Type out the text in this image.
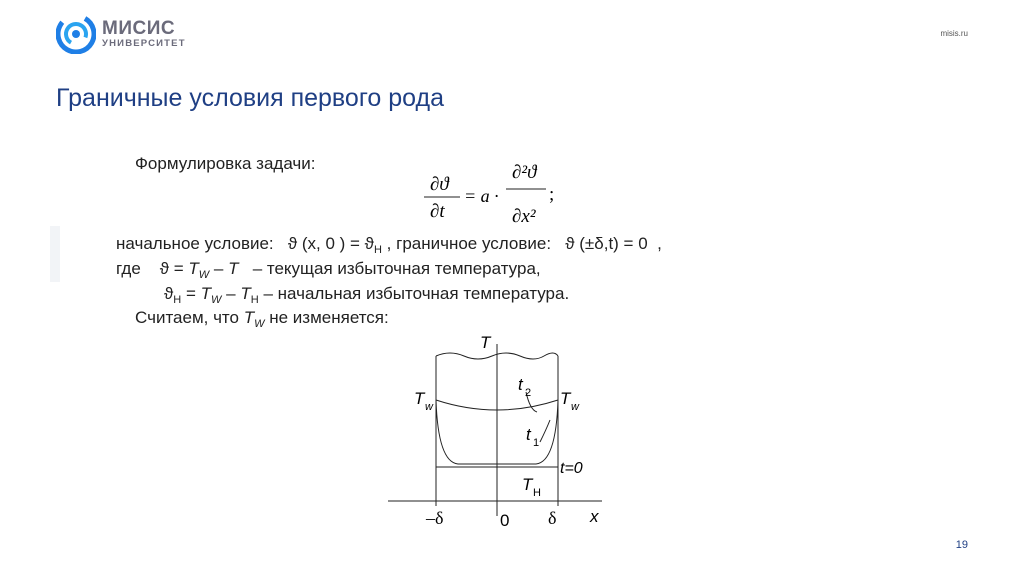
МИСИС
УНИВЕРСИТЕТ
misis.ru
Граничные условия первого рода
Формулировка задачи:
∂ϑ
∂t
= a ·
∂²ϑ
∂x²
;
начальное условие: ϑ (x, 0 ) = $ϑ_Н$ , граничное условие: ϑ (±δ,t) = 0 ,
где $ϑ = T_W - T$ – текущая избыточная температура,
$ϑ_Н = T_W - T_Н$ – начальная избыточная температура.
Считаем, что $T_W$ не изменяется:
T
T w	T w
t 2
t 1
t=0
T Н
–δ	0 δ x
19
